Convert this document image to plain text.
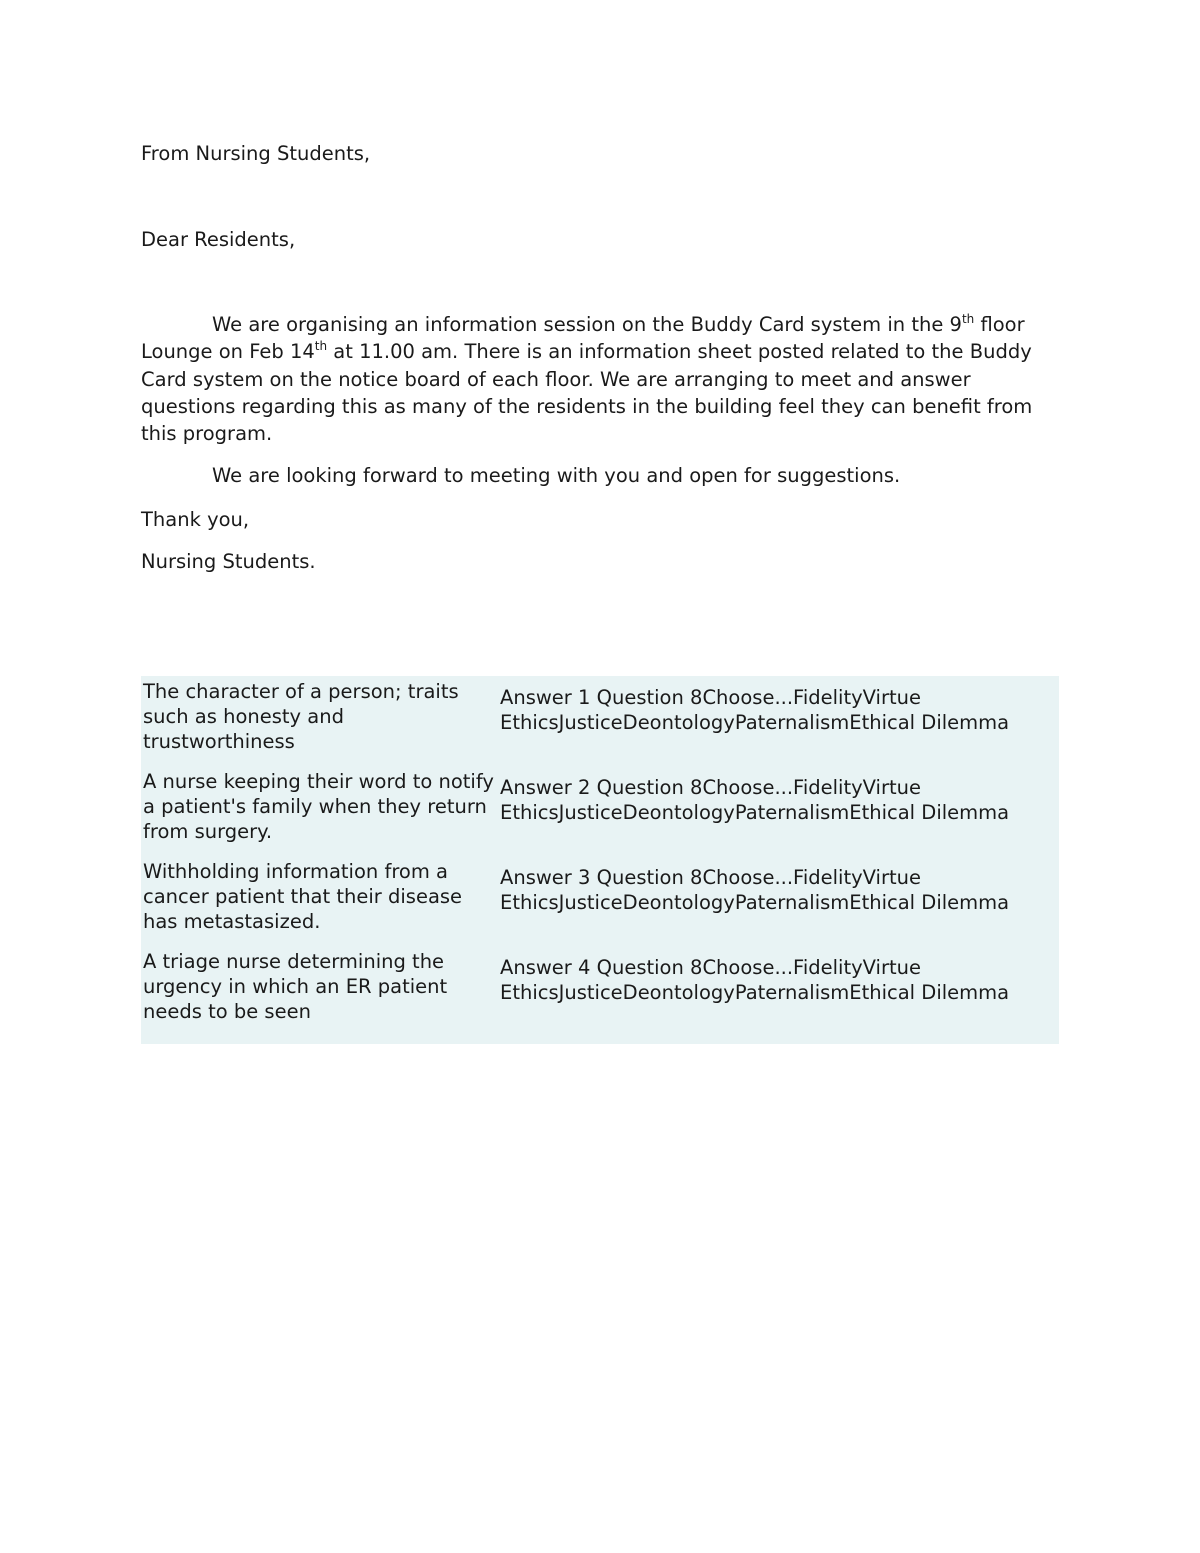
From Nursing Students,
Dear Residents,
We are organising an information session on the Buddy Card system in the 9th floor Lounge on Feb 14th at 11.00 am. There is an information sheet posted related to the Buddy Card system on the notice board of each floor. We are arranging to meet and answer questions regarding this as many of the residents in the building feel they can benefit from this program.
We are looking forward to meeting with you and open for suggestions.
Thank you,
Nursing Students.
The character of a person; traits such as honesty and trustworthiness
Answer 1 Question 8Choose...FidelityVirtue EthicsJusticeDeontologyPaternalismEthical Dilemma
A nurse keeping their word to notify a patient's family when they return from surgery.
Answer 2 Question 8Choose...FidelityVirtue EthicsJusticeDeontologyPaternalismEthical Dilemma
Withholding information from a cancer patient that their disease has metastasized.
Answer 3 Question 8Choose...FidelityVirtue EthicsJusticeDeontologyPaternalismEthical Dilemma
A triage nurse determining the urgency in which an ER patient needs to be seen
Answer 4 Question 8Choose...FidelityVirtue EthicsJusticeDeontologyPaternalismEthical Dilemma
